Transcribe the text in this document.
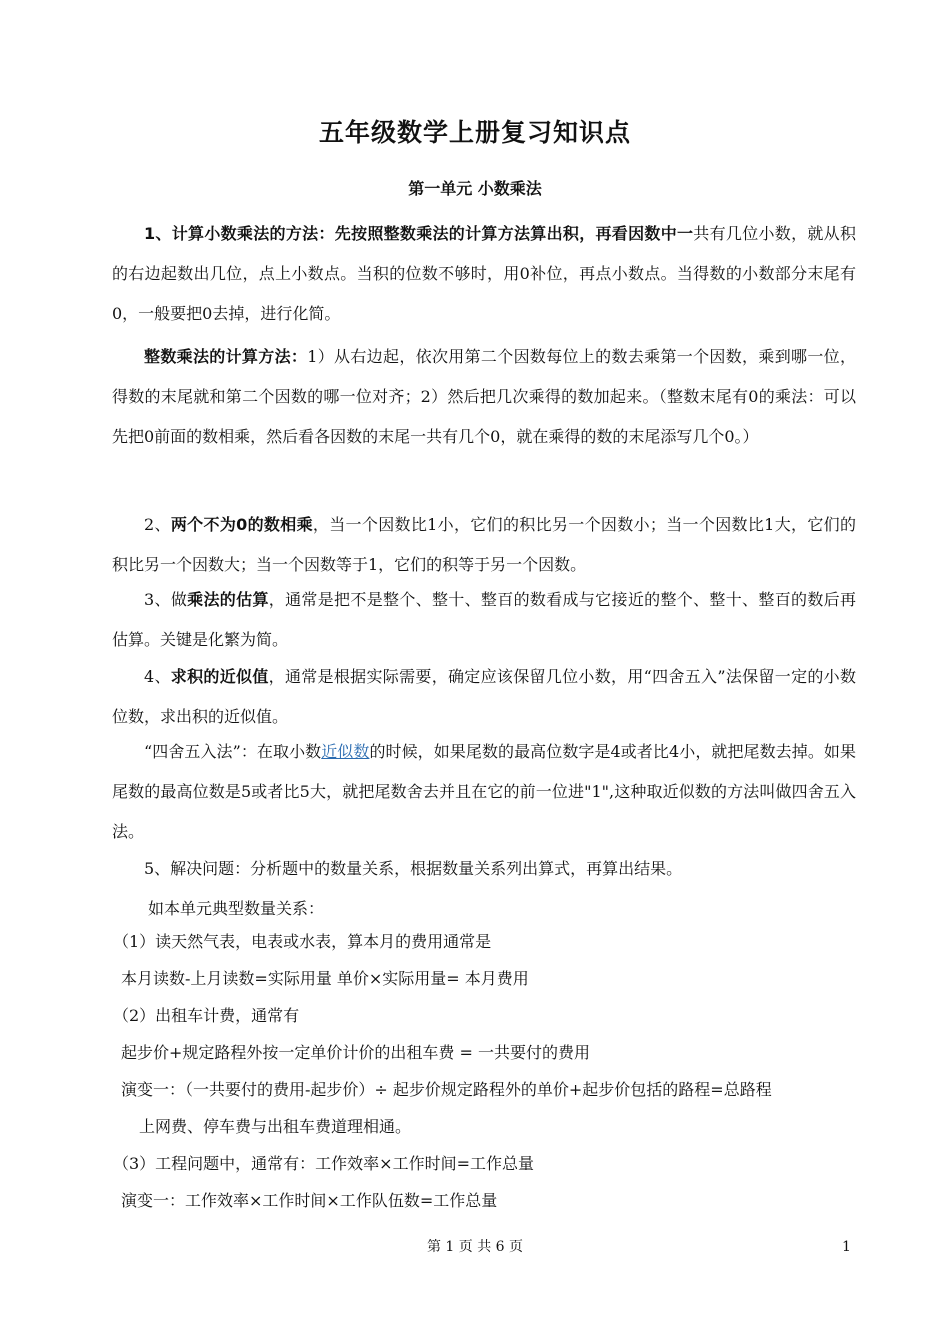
五年级数学上册复习知识点
第一单元 小数乘法
1、计算小数乘法的方法：先按照整数乘法的计算方法算出积，再看因数中一共有几位小数，就从积的右边起数出几位，点上小数点。当积的位数不够时，用0补位，再点小数点。当得数的小数部分末尾有0，一般要把0去掉，进行化简。
整数乘法的计算方法：1）从右边起，依次用第二个因数每位上的数去乘第一个因数，乘到哪一位，得数的末尾就和第二个因数的哪一位对齐；2）然后把几次乘得的数加起来。（整数末尾有0的乘法：可以先把0前面的数相乘，然后看各因数的末尾一共有几个0，就在乘得的数的末尾添写几个0。）
2、两个不为0的数相乘，当一个因数比1小，它们的积比另一个因数小；当一个因数比1大，它们的积比另一个因数大；当一个因数等于1，它们的积等于另一个因数。
3、做乘法的估算，通常是把不是整个、整十、整百的数看成与它接近的整个、整十、整百的数后再估算。关键是化繁为简。
4、求积的近似值，通常是根据实际需要，确定应该保留几位小数，用“四舍五入”法保留一定的小数位数，求出积的近似值。
“四舍五入法”：在取小数近似数的时候，如果尾数的最高位数字是4或者比4小，就把尾数去掉。如果尾数的最高位数是5或者比5大，就把尾数舍去并且在它的前一位进"1",这种取近似数的方法叫做四舍五入法。
5、解决问题：分析题中的数量关系，根据数量关系列出算式，再算出结果。
如本单元典型数量关系：
（1）读天然气表，电表或水表，算本月的费用通常是
本月读数-上月读数=实际用量 单价×实际用量= 本月费用
（2）出租车计费，通常有
起步价+规定路程外按一定单价计价的出租车费 = 一共要付的费用
演变一：（一共要付的费用-起步价）÷ 起步价规定路程外的单价+起步价包括的路程=总路程
上网费、停车费与出租车费道理相通。
（3）工程问题中，通常有：工作效率×工作时间=工作总量
演变一：工作效率×工作时间×工作队伍数=工作总量
第 1 页 共 6 页	1
